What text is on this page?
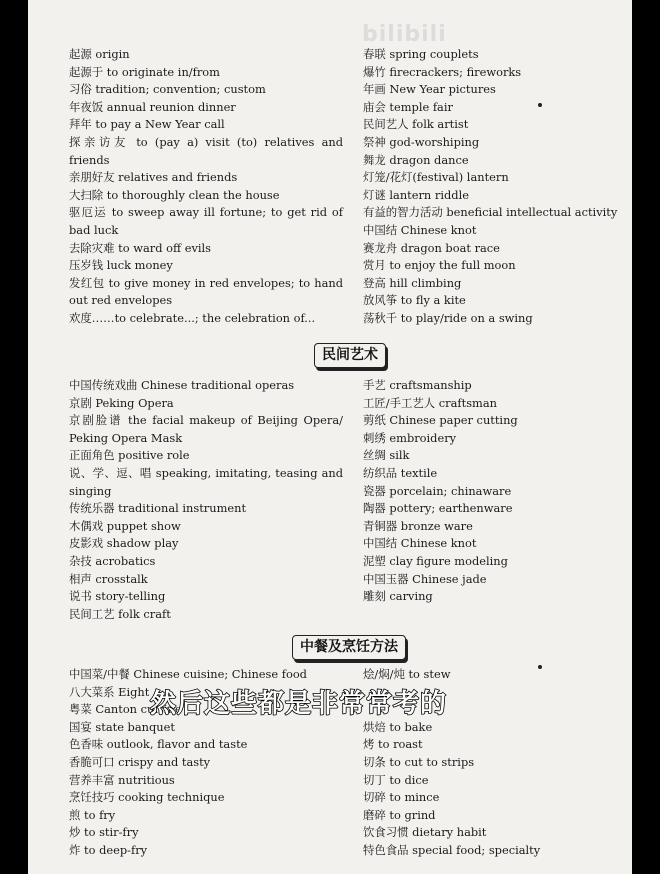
bilibili
起源 origin
起源于 to originate in/from
习俗 tradition; convention; custom
年夜饭 annual reunion dinner
拜年 to pay a New Year call
探亲访友 to (pay a) visit (to) relatives and
friends
亲朋好友 relatives and friends
大扫除 to thoroughly clean the house
驱厄运 to sweep away ill fortune; to get rid of
bad luck
去除灾难 to ward off evils
压岁钱 luck money
发红包 to give money in red envelopes; to hand
out red envelopes
欢度……to celebrate...; the celebration of...
春联 spring couplets
爆竹 firecrackers; fireworks
年画 New Year pictures
庙会 temple fair
民间艺人 folk artist
祭神 god-worshiping
舞龙 dragon dance
灯笼/花灯(festival) lantern
灯谜 lantern riddle
有益的智力活动 beneficial intellectual activity
中国结 Chinese knot
赛龙舟 dragon boat race
赏月 to enjoy the full moon
登高 hill climbing
放风筝 to fly a kite
荡秋千 to play/ride on a swing
民间艺术
中国传统戏曲 Chinese traditional operas
京剧 Peking Opera
京剧脸谱 the facial makeup of Beijing Opera/
Peking Opera Mask
正面角色 positive role
说、学、逗、唱 speaking, imitating, teasing and
singing
传统乐器 traditional instrument
木偶戏 puppet show
皮影戏 shadow play
杂技 acrobatics
相声 crosstalk
说书 story-telling
民间工艺 folk craft
手艺 craftsmanship
工匠/手工艺人 craftsman
剪纸 Chinese paper cutting
刺绣 embroidery
丝绸 silk
纺织品 textile
瓷器 porcelain; chinaware
陶器 pottery; earthenware
青铜器 bronze ware
中国结 Chinese knot
泥塑 clay figure modeling
中国玉器 Chinese jade
雕刻 carving
中餐及烹饪方法
中国菜/中餐 Chinese cuisine; Chinese food
八大菜系 Eight
粤菜 Canton cuisine
国宴 state banquet
色香味 outlook, flavor and taste
香脆可口 crispy and tasty
营养丰富 nutritious
烹饪技巧 cooking technique
煎 to fry
炒 to stir-fry
炸 to deep-fry
烩/焖/炖 to stew

烘焙 to bake
烤 to roast
切条 to cut to strips
切丁 to dice
切碎 to mince
磨碎 to grind
饮食习惯 dietary habit
特色食品 special food; specialty
然后这些都是非常常考的
